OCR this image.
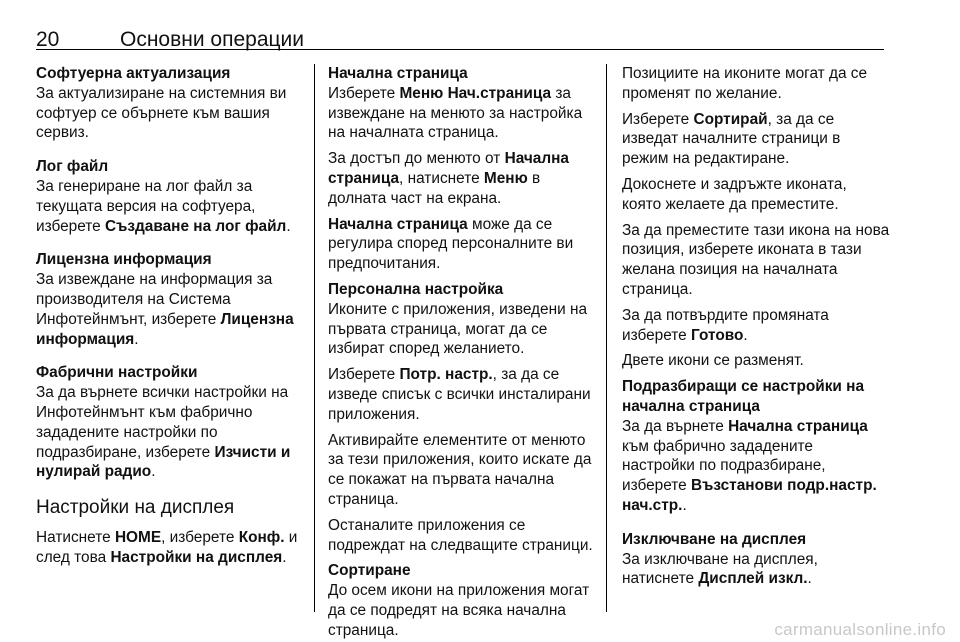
20	Основни операции
Софтуерна актуализация

За актуализиране на системния ви софтуер се обърнете към вашия сервиз.

Лог файл

За генериране на лог файл за текущата версия на софтуера, изберете Създаване на лог файл.

Лицензна информация

За извеждане на информация за производителя на Система Инфотейнмънт, изберете Лицензна информация.

Фабрични настройки

За да върнете всички настройки на Инфотейнмънт към фабрично зададените настройки по подразбиране, изберете Изчисти и нулирай радио.

Настройки на дисплея

Натиснете HOME, изберете Конф. и след това Настройки на дисплея.

Начална страница

Изберете Меню Нач.страница за извеждане на менюто за настройка на началната страница.

За достъп до менюто от Начална страница, натиснете Меню в долната част на екрана.

Начална страница може да се регулира според персоналните ви предпочитания.

Персонална настройка

Иконите с приложения, изведени на първата страница, могат да се избират според желанието.

Изберете Потр. настр., за да се изведе списък с всички инсталирани приложения.

Активирайте елементите от менюто за тези приложения, които искате да се покажат на първата начална страница.

Останалите приложения се подреждат на следващите страници.

Сортиране

До осем икони на приложения могат да се подредят на всяка начална страница.

Позициите на иконите могат да се променят по желание.

Изберете Сортирай, за да се изведат началните страници в режим на редактиране.

Докоснете и задръжте иконата, която желаете да преместите.

За да преместите тази икона на нова позиция, изберете иконата в тази желана позиция на началната страница.

За да потвърдите промяната изберете Готово.

Двете икони се разменят.

Подразбиращи се настройки на начална страница

За да върнете Начална страница към фабрично зададените настройки по подразбиране, изберете Възстанови подр.настр. нач.стр..

Изключване на дисплея

За изключване на дисплея, натиснете Дисплей изкл..

carmanualsonline.info
